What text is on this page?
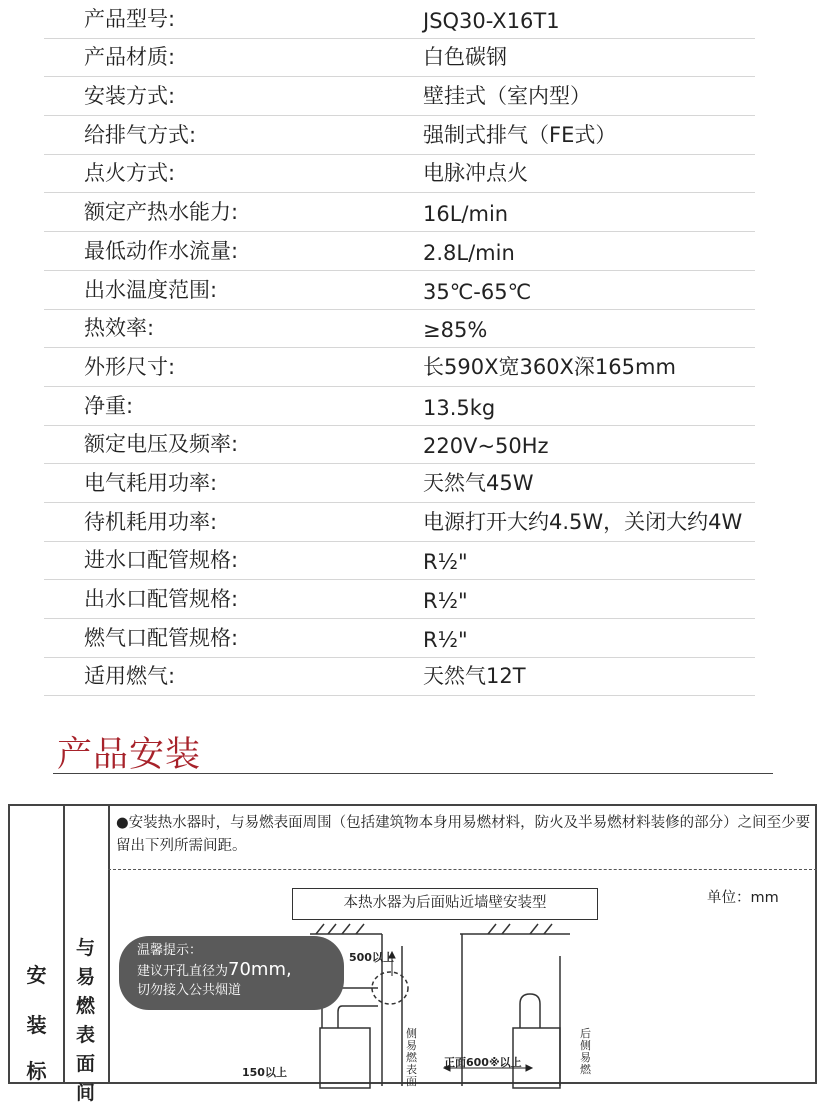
产品型号:	JSQ30-X16T1
产品材质:	白色碳钢
安装方式:	壁挂式（室内型）
给排气方式:	强制式排气（FE式）
点火方式:	电脉冲点火
额定产热水能力:	16L/min
最低动作水流量:	2.8L/min
出水温度范围:	35℃-65℃
热效率:	≥85%
外形尺寸:	长590X宽360X深165mm
净重:	13.5kg
额定电压及频率:	220V~50Hz
电气耗用功率:	天然气45W
待机耗用功率:	电源打开大约4.5W，关闭大约4W
进水口配管规格:	R½"
出水口配管规格:	R½"
燃气口配管规格:	R½"
适用燃气:	天然气12T
产品安装
安
装
标
与
易
燃
表
面
间
●安装热水器时，与易燃表面周围（包括建筑物本身用易燃材料，防火及半易燃材料装修的部分）之间至少要留出下列所需间距。
本热水器为后面贴近墙壁安装型	单位：mm
温馨提示：
建议开孔直径为70mm,
切勿接入公共烟道
500以上
150以上
正面600※以上
侧易燃表面
后侧易燃
